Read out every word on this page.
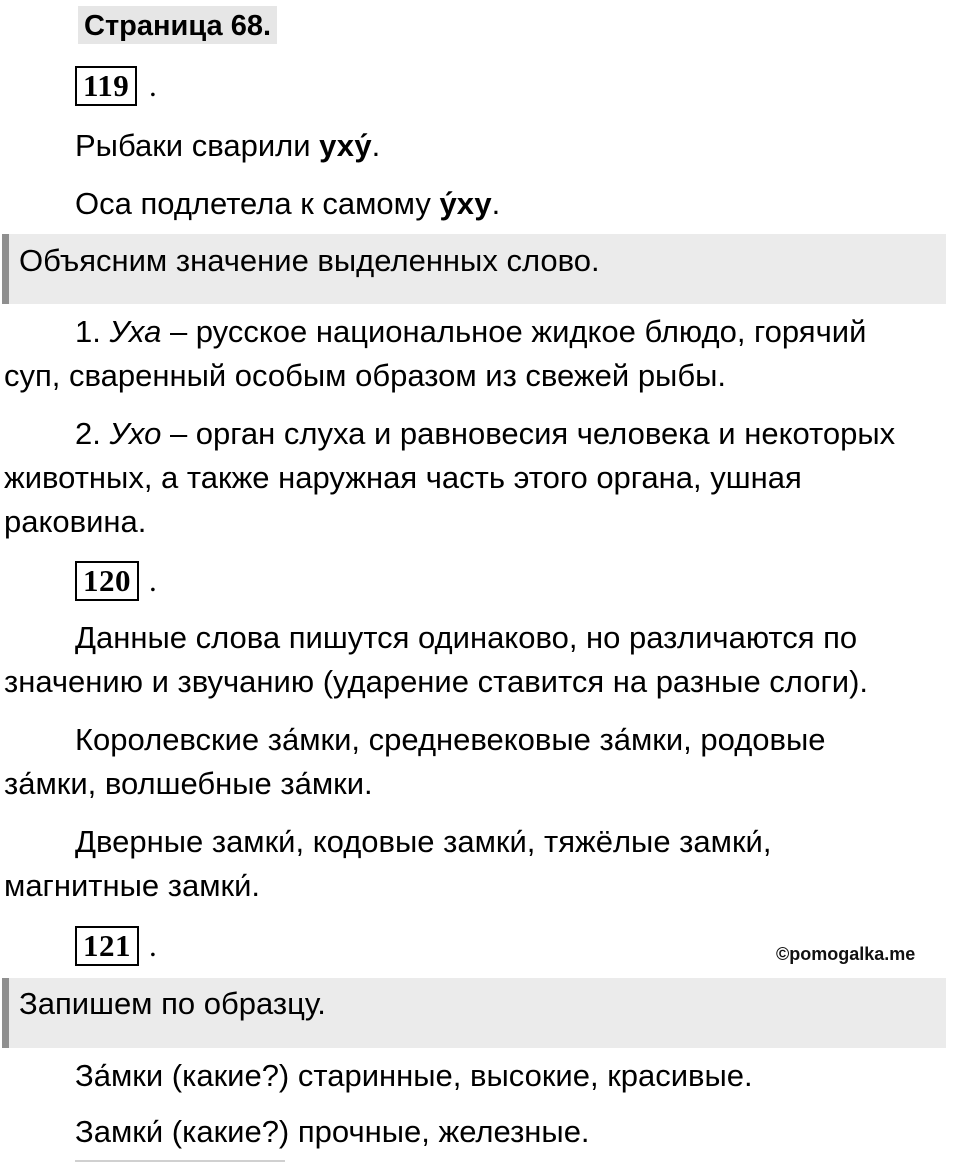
Страница 68.
119 .
Рыбаки сварили уху́.
Оса подлетела к самому у́ху.
Объясним значение выделенных слово.
1. Уха – русское национальное жидкое блюдо, горячий
суп, сваренный особым образом из свежей рыбы.
2. Ухо – орган слуха и равновесия человека и некоторых
животных, а также наружная часть этого органа, ушная
раковина.
120 .
Данные слова пишутся одинаково, но различаются по
значению и звучанию (ударение ставится на разные слоги).
Королевские за́мки, средневековые за́мки, родовые
за́мки, волшебные за́мки.
Дверные замки́, кодовые замки́, тяжёлые замки́,
магнитные замки́.
121 .	©pomogalka.me
Запишем по образцу.
За́мки (какие?) старинные, высокие, красивые.
Замки́ (какие?) прочные, железные.
